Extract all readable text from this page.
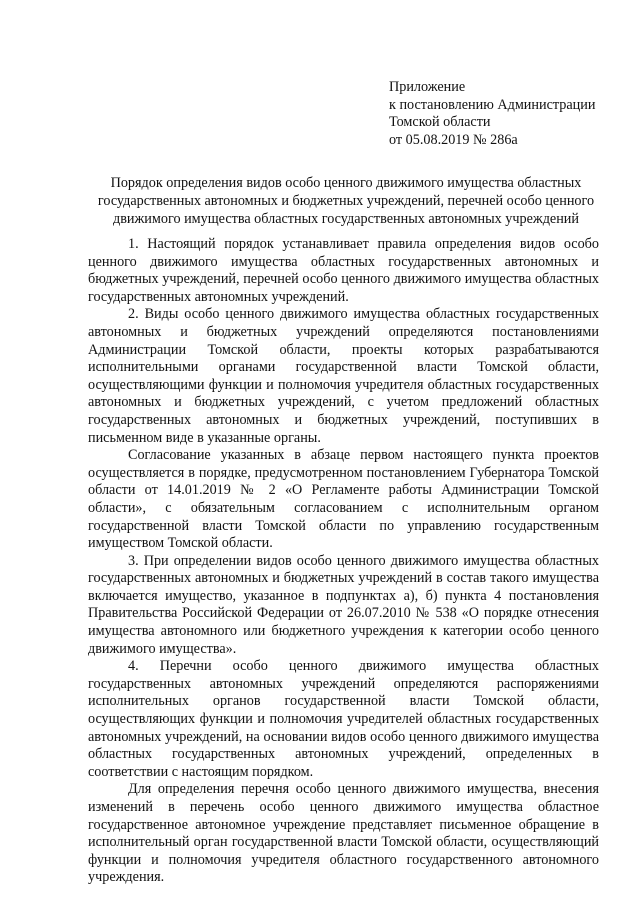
Приложение
к постановлению Администрации
Томской области
от 05.08.2019 № 286а
Порядок определения видов особо ценного движимого имущества областных
государственных автономных и бюджетных учреждений, перечней особо ценного
движимого имущества областных государственных автономных учреждений

1. Настоящий порядок устанавливает правила определения видов особо ценного движимого имущества областных государственных автономных и бюджетных учреждений, перечней особо ценного движимого имущества областных государственных автономных учреждений.

2. Виды особо ценного движимого имущества областных государственных автономных и бюджетных учреждений определяются постановлениями Администрации Томской области, проекты которых разрабатываются исполнительными органами государственной власти Томской области, осуществляющими функции и полномочия учредителя областных государственных автономных и бюджетных учреждений, с учетом предложений областных государственных автономных и бюджетных учреждений, поступивших в письменном виде в указанные органы.

Согласование указанных в абзаце первом настоящего пункта проектов осуществляется в порядке, предусмотренном постановлением Губернатора Томской области от 14.01.2019 № 2 «О Регламенте работы Администрации Томской области», с обязательным согласованием с исполнительным органом государственной власти Томской области по управлению государственным имуществом Томской области.

3. При определении видов особо ценного движимого имущества областных государственных автономных и бюджетных учреждений в состав такого имущества включается имущество, указанное в подпунктах а), б) пункта 4 постановления Правительства Российской Федерации от 26.07.2010 № 538 «О порядке отнесения имущества автономного или бюджетного учреждения к категории особо ценного движимого имущества».

4. Перечни особо ценного движимого имущества областных государственных автономных учреждений определяются распоряжениями исполнительных органов государственной власти Томской области, осуществляющих функции и полномочия учредителей областных государственных автономных учреждений, на основании видов особо ценного движимого имущества областных государственных автономных учреждений, определенных в соответствии с настоящим порядком.

Для определения перечня особо ценного движимого имущества, внесения изменений в перечень особо ценного движимого имущества областное государственное автономное учреждение представляет письменное обращение в исполнительный орган государственной власти Томской области, осуществляющий функции и полномочия учредителя областного государственного автономного учреждения.
